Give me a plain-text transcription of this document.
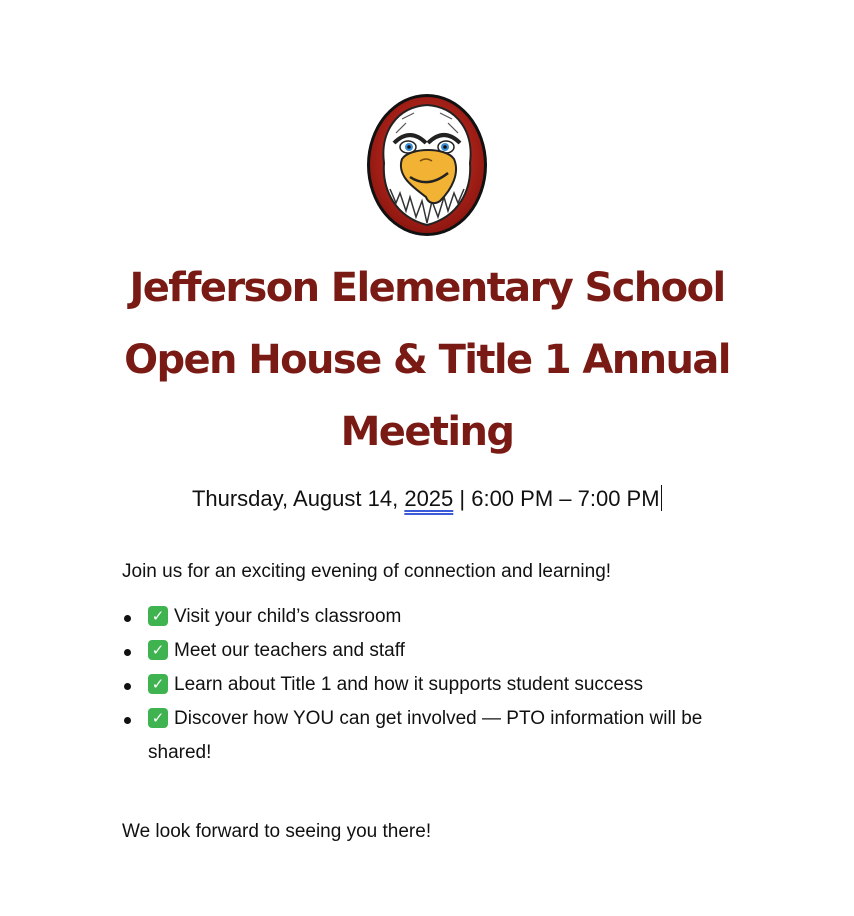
Jefferson Elementary School
Open House & Title 1 Annual
Meeting
Thursday, August 14, 2025 | 6:00 PM – 7:00 PM
Join us for an exciting evening of connection and learning!
✓ Visit your child’s classroom
✓ Meet our teachers and staff
✓ Learn about Title 1 and how it supports student success
✓ Discover how YOU can get involved — PTO information will be shared!
We look forward to seeing you there!
